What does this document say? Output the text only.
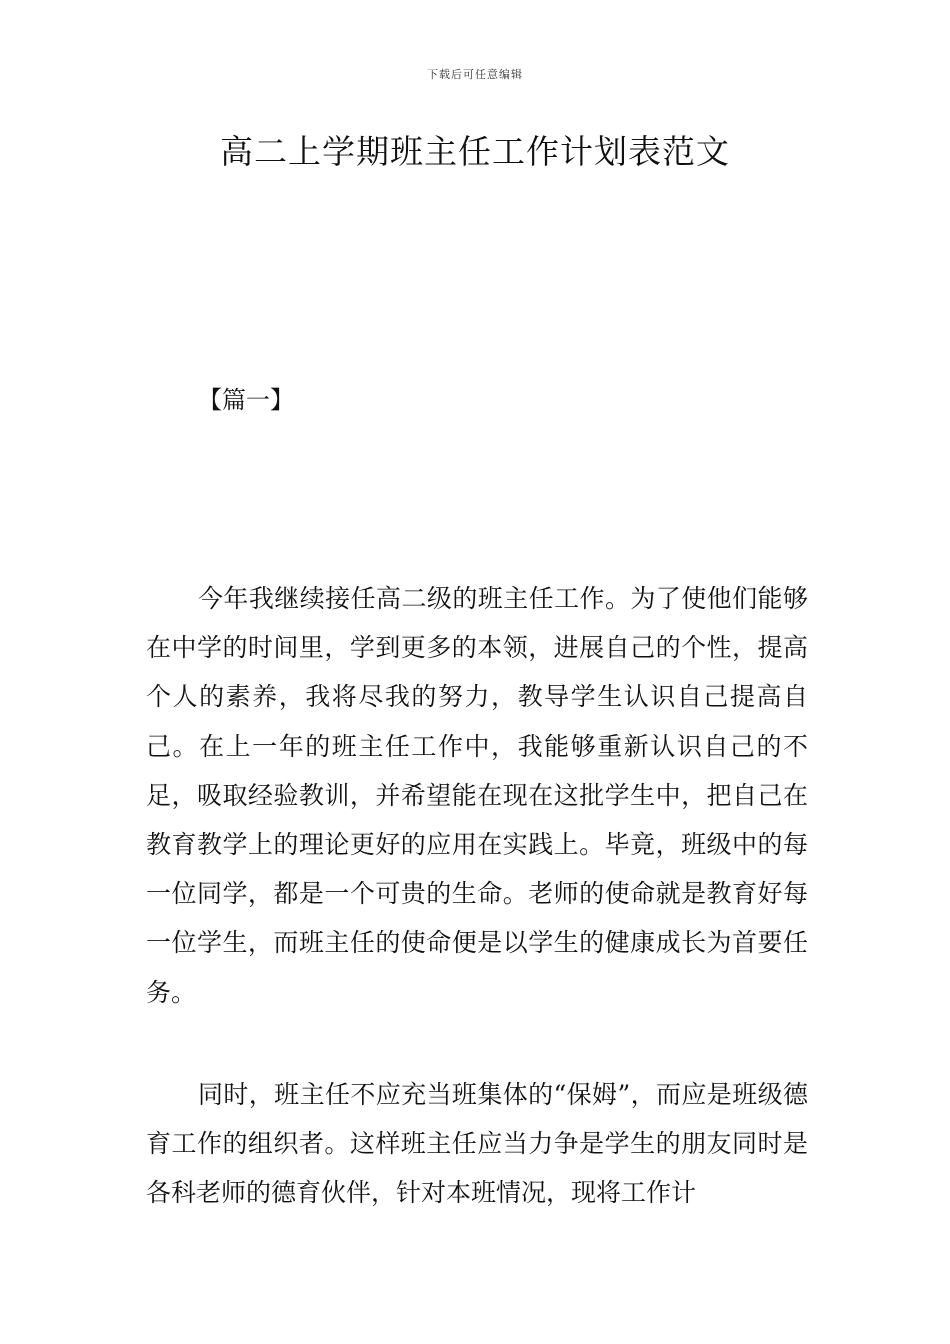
下载后可任意编辑
高二上学期班主任工作计划表范文

【篇一】

今年我继续接任高二级的班主任工作。为了使他们能够在中学的时间里，学到更多的本领，进展自己的个性，提高个人的素养，我将尽我的努力，教导学生认识自己提高自己。在上一年的班主任工作中，我能够重新认识自己的不足，吸取经验教训，并希望能在现在这批学生中，把自己在教育教学上的理论更好的应用在实践上。毕竟，班级中的每一位同学，都是一个可贵的生命。老师的使命就是教育好每一位学生，而班主任的使命便是以学生的健康成长为首要任务。

同时，班主任不应充当班集体的“保姆”，而应是班级德育工作的组织者。这样班主任应当力争是学生的朋友同时是各科老师的德育伙伴，针对本班情况，现将工作计
